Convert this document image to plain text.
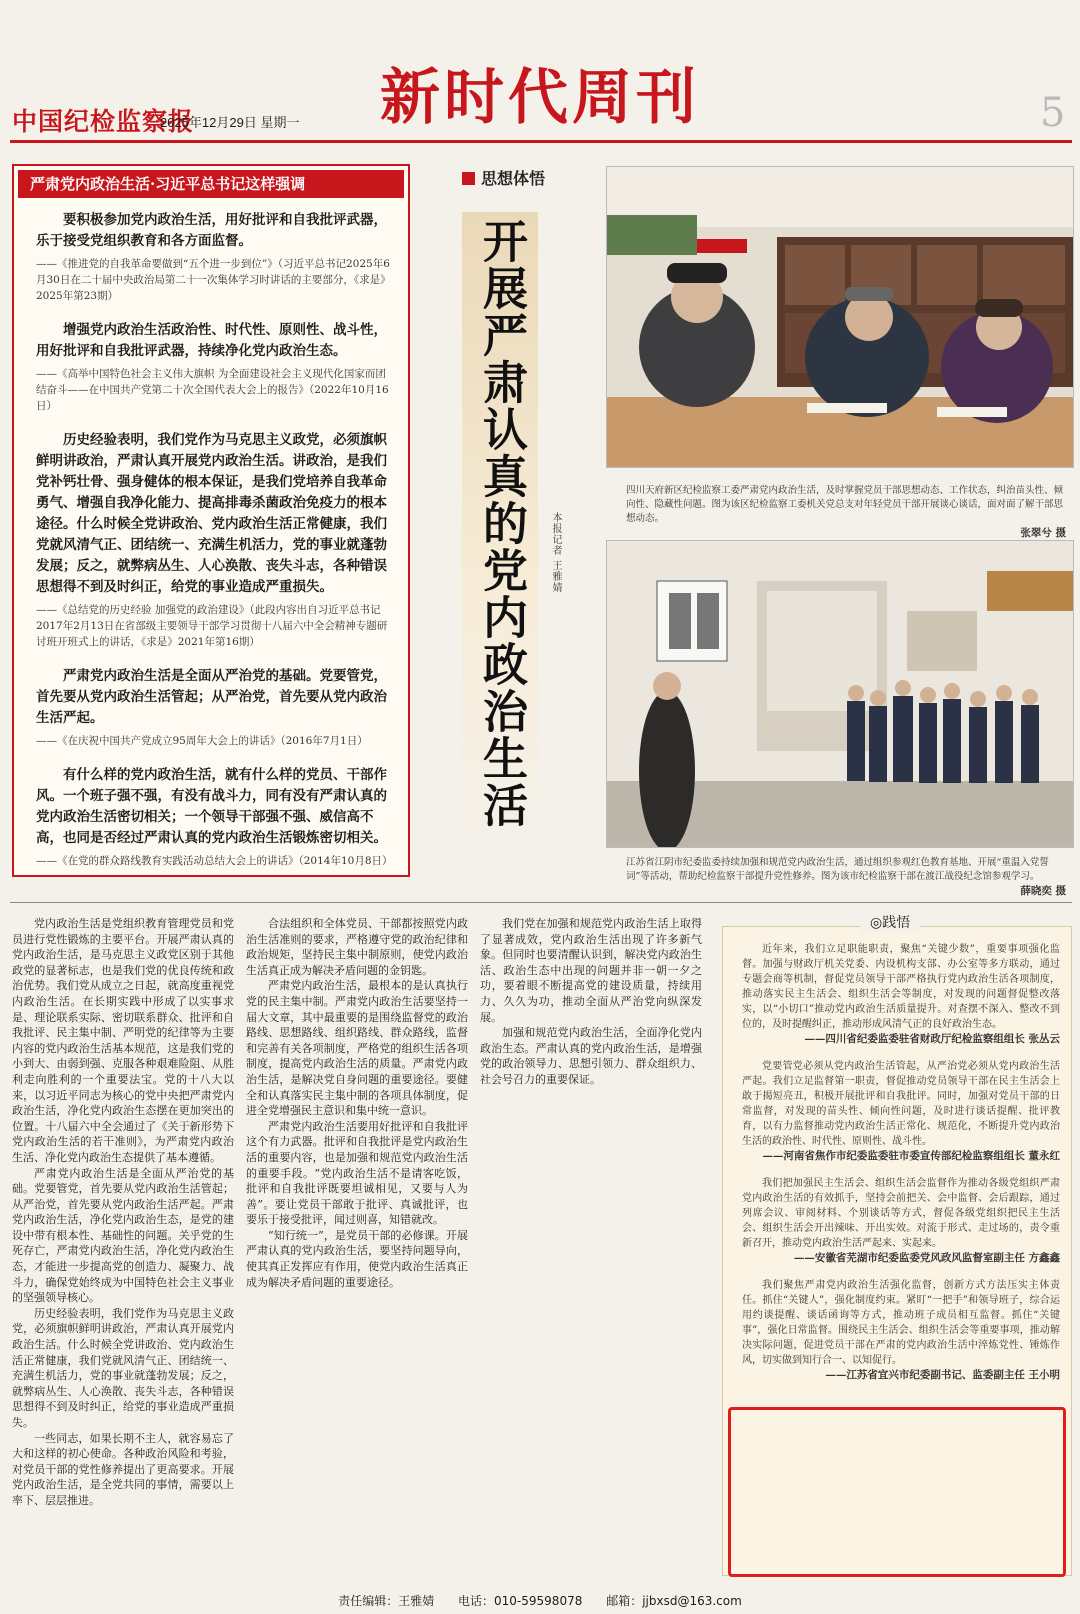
中国纪检监察报
2025年12月29日 星期一	新时代周刊	5
严肃党内政治生活·习近平总书记这样强调

要积极参加党内政治生活，用好批评和自我批评武器，乐于接受党组织教育和各方面监督。

——《推进党的自我革命要做到“五个进一步到位”》（习近平总书记2025年6月30日在二十届中央政治局第二十一次集体学习时讲话的主要部分，《求是》2025年第23期）

增强党内政治生活政治性、时代性、原则性、战斗性，用好批评和自我批评武器，持续净化党内政治生态。

——《高举中国特色社会主义伟大旗帜 为全面建设社会主义现代化国家而团结奋斗——在中国共产党第二十次全国代表大会上的报告》（2022年10月16日）

历史经验表明，我们党作为马克思主义政党，必须旗帜鲜明讲政治，严肃认真开展党内政治生活。讲政治，是我们党补钙壮骨、强身健体的根本保证，是我们党培养自我革命勇气、增强自我净化能力、提高排毒杀菌政治免疫力的根本途径。什么时候全党讲政治、党内政治生活正常健康，我们党就风清气正、团结统一、充满生机活力，党的事业就蓬勃发展；反之，就弊病丛生、人心涣散、丧失斗志，各种错误思想得不到及时纠正，给党的事业造成严重损失。

——《总结党的历史经验 加强党的政治建设》（此段内容出自习近平总书记2017年2月13日在省部级主要领导干部学习贯彻十八届六中全会精神专题研讨班开班式上的讲话，《求是》2021年第16期）

严肃党内政治生活是全面从严治党的基础。党要管党，首先要从党内政治生活管起；从严治党，首先要从党内政治生活严起。

——《在庆祝中国共产党成立95周年大会上的讲话》（2016年7月1日）

有什么样的党内政治生活，就有什么样的党员、干部作风。一个班子强不强，有没有战斗力，同有没有严肃认真的党内政治生活密切相关；一个领导干部强不强、威信高不高，也同是否经过严肃认真的党内政治生活锻炼密切相关。

——《在党的群众路线教育实践活动总结大会上的讲话》（2014年10月8日）

思想体悟
开展严肃认真的党内政治生活 本报记者 王雅婧
四川天府新区纪检监察工委严肃党内政治生活，及时掌握党员干部思想动态、工作状态，纠治苗头性、倾向性、隐藏性问题。图为该区纪检监察工委机关党总支对年轻党员干部开展谈心谈话，面对面了解干部思想动态。
张翠兮 摄
江苏省江阴市纪委监委持续加强和规范党内政治生活，通过组织参观红色教育基地、开展“重温入党誓词”等活动，帮助纪检监察干部提升党性修养。图为该市纪检监察干部在渡江战役纪念馆参观学习。
薛晓奕 摄

党内政治生活是党组织教育管理党员和党员进行党性锻炼的主要平台。开展严肃认真的党内政治生活，是马克思主义政党区别于其他政党的显著标志，也是我们党的优良传统和政治优势。我们党从成立之日起，就高度重视党内政治生活。在长期实践中形成了以实事求是、理论联系实际、密切联系群众、批评和自我批评、民主集中制、严明党的纪律等为主要内容的党内政治生活基本规范，这是我们党的小到大、由弱到强、克服各种艰难险阻、从胜利走向胜利的一个重要法宝。党的十八大以来，以习近平同志为核心的党中央把严肃党内政治生活，净化党内政治生态摆在更加突出的位置。十八届六中全会通过了《关于新形势下党内政治生活的若干准则》，为严肃党内政治生活、净化党内政治生态提供了基本遵循。

严肃党内政治生活是全面从严治党的基础。党要管党，首先要从党内政治生活管起；从严治党，首先要从党内政治生活严起。严肃党内政治生活，净化党内政治生态，是党的建设中带有根本性、基础性的问题。关乎党的生死存亡，严肃党内政治生活，净化党内政治生态，才能进一步提高党的创造力、凝聚力、战斗力，确保党始终成为中国特色社会主义事业的坚强领导核心。

历史经验表明，我们党作为马克思主义政党，必须旗帜鲜明讲政治，严肃认真开展党内政治生活。什么时候全党讲政治、党内政治生活正常健康，我们党就风清气正、团结统一、充满生机活力，党的事业就蓬勃发展；反之，就弊病丛生、人心涣散、丧失斗志，各种错误思想得不到及时纠正，给党的事业造成严重损失。

一些同志，如果长期不主人，就容易忘了大和这样的初心使命。各种政治风险和考验，对党员干部的党性修养提出了更高要求。开展党内政治生活，是全党共同的事情，需要以上率下、层层推进。

合法组织和全体党员、干部都按照党内政治生活准则的要求，严格遵守党的政治纪律和政治规矩，坚持民主集中制原则，使党内政治生活真正成为解决矛盾问题的金钥匙。

严肃党内政治生活，最根本的是认真执行党的民主集中制。严肃党内政治生活要坚持一届大文章，其中最重要的是围绕监督党的政治路线、思想路线、组织路线、群众路线，监督和完善有关各项制度，严格党的组织生活各项制度，提高党内政治生活的质量。严肃党内政治生活，是解决党自身问题的重要途径。要健全和认真落实民主集中制的各项具体制度，促进全党增强民主意识和集中统一意识。

严肃党内政治生活要用好批评和自我批评这个有力武器。批评和自我批评是党内政治生活的重要内容，也是加强和规范党内政治生活的重要手段。“党内政治生活不是请客吃饭，批评和自我批评既要坦诚相见，又要与人为善”。要让党员干部敢于批评、真诚批评，也要乐于接受批评，闻过则喜，知错就改。

“知行统一”，是党员干部的必修课。开展严肃认真的党内政治生活，要坚持问题导向，使其真正发挥应有作用，使党内政治生活真正成为解决矛盾问题的重要途径。

我们党在加强和规范党内政治生活上取得了显著成效，党内政治生活出现了许多新气象。但同时也要清醒认识到，解决党内政治生活、政治生态中出现的问题并非一朝一夕之功，要着眼不断提高党的建设质量，持续用力、久久为功，推动全面从严治党向纵深发展。

加强和规范党内政治生活，全面净化党内政治生态。严肃认真的党内政治生活，是增强党的政治领导力、思想引领力、群众组织力、社会号召力的重要保证。

◎践悟

近年来，我们立足职能职责，聚焦“关键少数”，重要事项强化监督。加强与财政厅机关党委、内设机构支部、办公室等多方联动，通过专题会商等机制，督促党员领导干部严格执行党内政治生活各项制度，推动落实民主生活会、组织生活会等制度，对发现的问题督促整改落实，以“小切口”推动党内政治生活质量提升。对查摆不深入、整改不到位的，及时提醒纠正，推动形成风清气正的良好政治生态。

——四川省纪委监委驻省财政厅纪检监察组组长 张丛云

党要管党必须从党内政治生活管起，从严治党必须从党内政治生活严起。我们立足监督第一职责，督促推动党员领导干部在民主生活会上敢于揭短亮丑，积极开展批评和自我批评。同时，加强对党员干部的日常监督，对发现的苗头性、倾向性问题，及时进行谈话提醒、批评教育，以有力监督推动党内政治生活正常化、规范化，不断提升党内政治生活的政治性、时代性、原则性、战斗性。

——河南省焦作市纪委监委驻市委宣传部纪检监察组组长 董永红

我们把加强民主生活会、组织生活会监督作为推动各级党组织严肃党内政治生活的有效抓手，坚持会前把关、会中监督、会后跟踪，通过列席会议、审阅材料、个别谈话等方式，督促各级党组织把民主生活会、组织生活会开出辣味、开出实效。对流于形式、走过场的，责令重新召开，推动党内政治生活严起来、实起来。

——安徽省芜湖市纪委监委党风政风监督室副主任 方鑫鑫

我们聚焦严肃党内政治生活强化监督，创新方式方法压实主体责任。抓住“关键人”，强化制度约束。紧盯“一把手”和领导班子，综合运用约谈提醒、谈话函询等方式，推动班子成员相互监督。抓住“关键事”，强化日常监督。围绕民主生活会、组织生活会等重要事项，推动解决实际问题，促进党员干部在严肃的党内政治生活中淬炼党性、锤炼作风，切实做到知行合一、以知促行。

——江苏省宜兴市纪委副书记、监委副主任 王小明

责任编辑：王雅婧 电话：010-59598078 邮箱：jjbxsd@163.com
